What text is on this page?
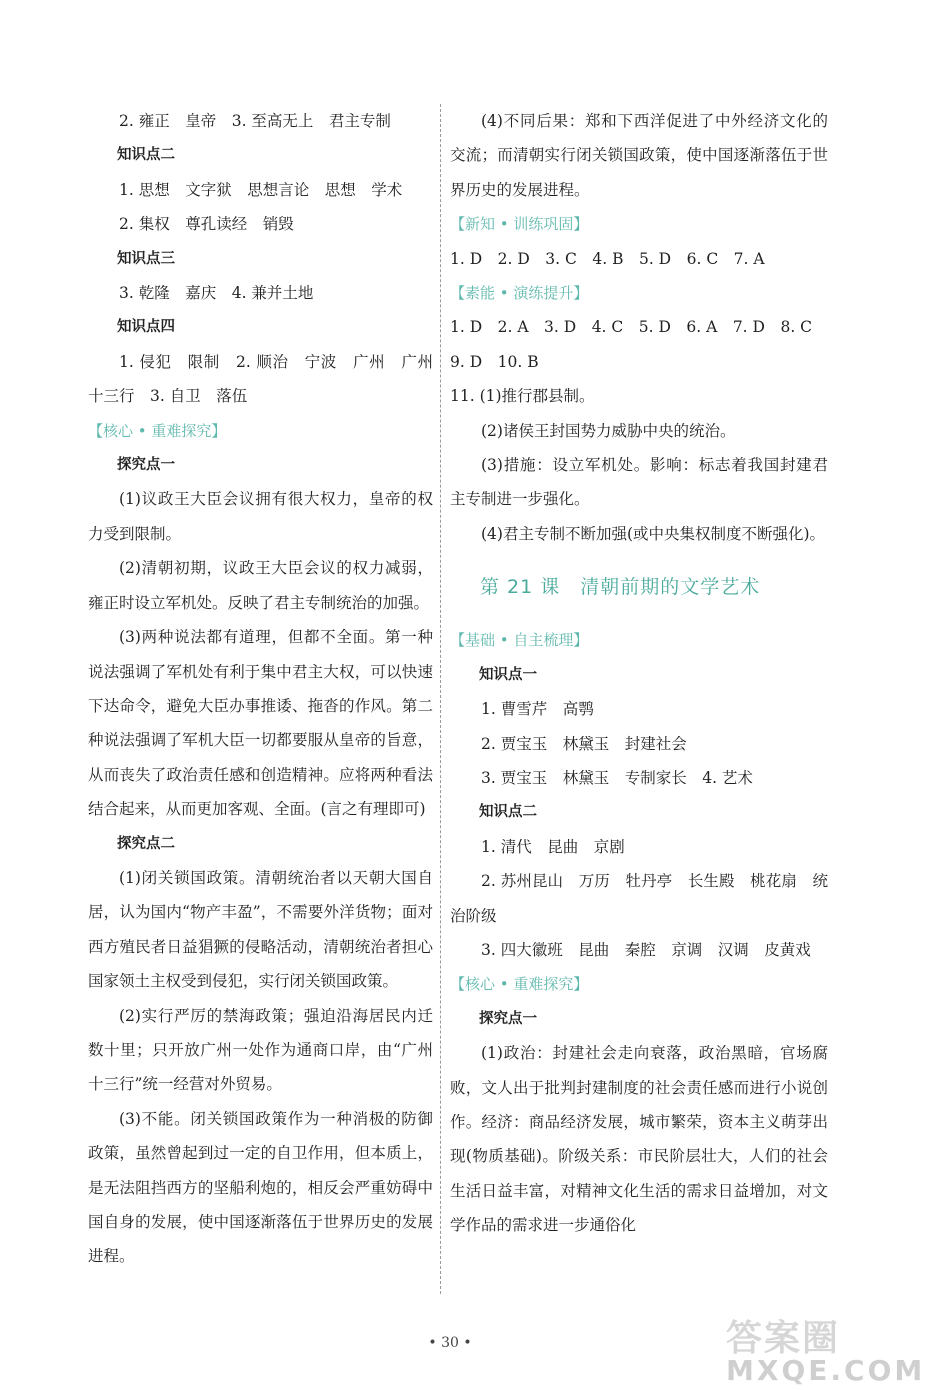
2. 雍正　皇帝　3. 至高无上　君主专制

知识点二

1. 思想　文字狱　思想言论　思想　学术

2. 集权　尊孔读经　销毁

知识点三

3. 乾隆　嘉庆　4. 兼并土地

知识点四

1. 侵犯　限制　2. 顺治　宁波　广州　广州十三行　3. 自卫　落伍

【核心 • 重难探究】

探究点一

(1)议政王大臣会议拥有很大权力，皇帝的权力受到限制。

(2)清朝初期，议政王大臣会议的权力减弱，雍正时设立军机处。反映了君主专制统治的加强。

(3)两种说法都有道理，但都不全面。第一种说法强调了军机处有利于集中君主大权，可以快速下达命令，避免大臣办事推诿、拖沓的作风。第二种说法强调了军机大臣一切都要服从皇帝的旨意，从而丧失了政治责任感和创造精神。应将两种看法结合起来，从而更加客观、全面。(言之有理即可)

探究点二

(1)闭关锁国政策。清朝统治者以天朝大国自居，认为国内“物产丰盈”，不需要外洋货物；面对西方殖民者日益猖獗的侵略活动，清朝统治者担心国家领土主权受到侵犯，实行闭关锁国政策。

(2)实行严厉的禁海政策；强迫沿海居民内迁数十里；只开放广州一处作为通商口岸，由“广州十三行”统一经营对外贸易。

(3)不能。闭关锁国政策作为一种消极的防御政策，虽然曾起到过一定的自卫作用，但本质上，是无法阻挡西方的坚船利炮的，相反会严重妨碍中国自身的发展，使中国逐渐落伍于世界历史的发展进程。

(4)不同后果：郑和下西洋促进了中外经济文化的交流；而清朝实行闭关锁国政策，使中国逐渐落伍于世界历史的发展进程。

【新知 • 训练巩固】

1. D　2. D　3. C　4. B　5. D　6. C　7. A

【素能 • 演练提升】

1. D　2. A　3. D　4. C　5. D　6. A　7. D　8. C

9. D　10. B

11. (1)推行郡县制。

(2)诸侯王封国势力威胁中央的统治。

(3)措施：设立军机处。影响：标志着我国封建君主专制进一步强化。

(4)君主专制不断加强(或中央集权制度不断强化)。

第 21 课　清朝前期的文学艺术

【基础 • 自主梳理】

知识点一

1. 曹雪芹　高鹗

2. 贾宝玉　林黛玉　封建社会

3. 贾宝玉　林黛玉　专制家长　4. 艺术

知识点二

1. 清代　昆曲　京剧

2. 苏州昆山　万历　牡丹亭　长生殿　桃花扇　统治阶级

3. 四大徽班　昆曲　秦腔　京调　汉调　皮黄戏

【核心 • 重难探究】

探究点一

(1)政治：封建社会走向衰落，政治黑暗，官场腐败，文人出于批判封建制度的社会责任感而进行小说创作。经济：商品经济发展，城市繁荣，资本主义萌芽出现(物质基础)。阶级关系：市民阶层壮大，人们的社会生活日益丰富，对精神文化生活的需求日益增加，对文学作品的需求进一步通俗化

• 30 •	答案圈
MXQE.COM
